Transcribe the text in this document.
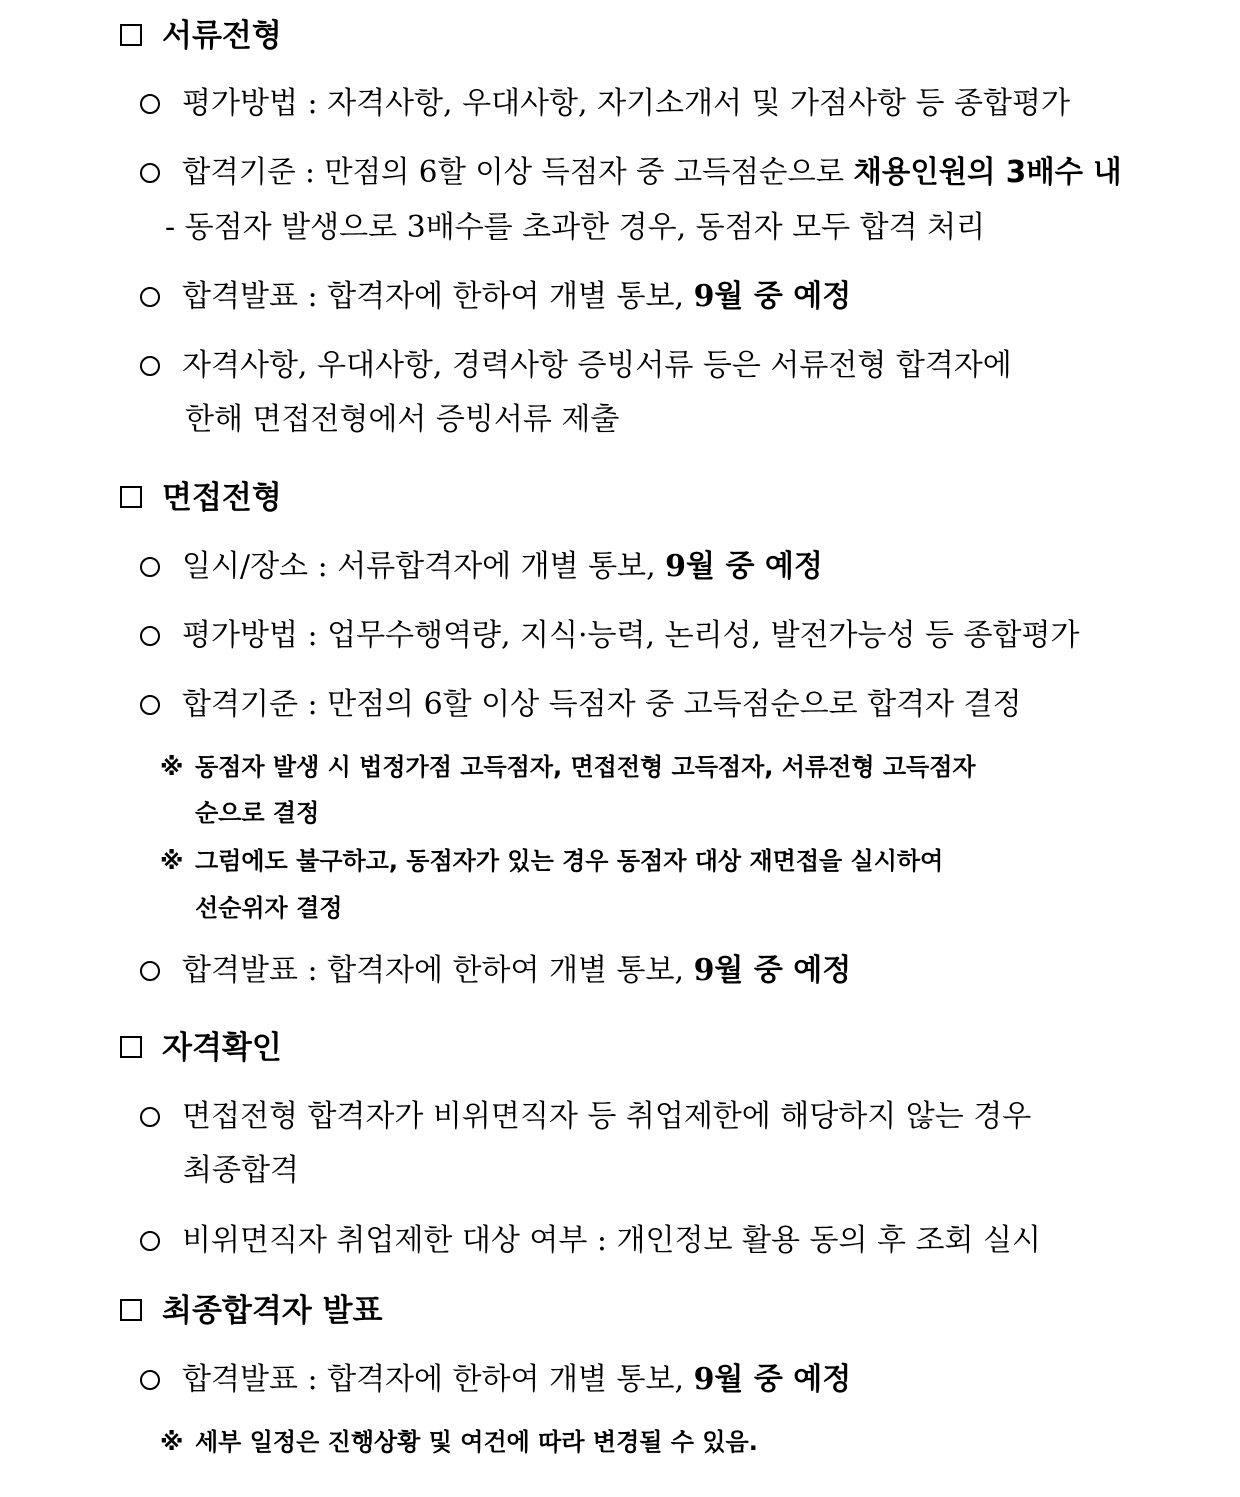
서류전형
평가방법 : 자격사항, 우대사항, 자기소개서 및 가점사항 등 종합평가
합격기준 : 만점의 6할 이상 득점자 중 고득점순으로 채용인원의 3배수 내
- 동점자 발생으로 3배수를 초과한 경우, 동점자 모두 합격 처리
합격발표 : 합격자에 한하여 개별 통보, 9월 중 예정
자격사항, 우대사항, 경력사항 증빙서류 등은 서류전형 합격자에
한해 면접전형에서 증빙서류 제출
면접전형
일시/장소 : 서류합격자에 개별 통보, 9월 중 예정
평가방법 : 업무수행역량, 지식·능력, 논리성, 발전가능성 등 종합평가
합격기준 : 만점의 6할 이상 득점자 중 고득점순으로 합격자 결정
※ 동점자 발생 시 법정가점 고득점자, 면접전형 고득점자, 서류전형 고득점자
순으로 결정
※ 그럼에도 불구하고, 동점자가 있는 경우 동점자 대상 재면접을 실시하여
선순위자 결정
합격발표 : 합격자에 한하여 개별 통보, 9월 중 예정
자격확인
면접전형 합격자가 비위면직자 등 취업제한에 해당하지 않는 경우
최종합격
비위면직자 취업제한 대상 여부 : 개인정보 활용 동의 후 조회 실시
최종합격자 발표
합격발표 : 합격자에 한하여 개별 통보, 9월 중 예정
※ 세부 일정은 진행상황 및 여건에 따라 변경될 수 있음.
